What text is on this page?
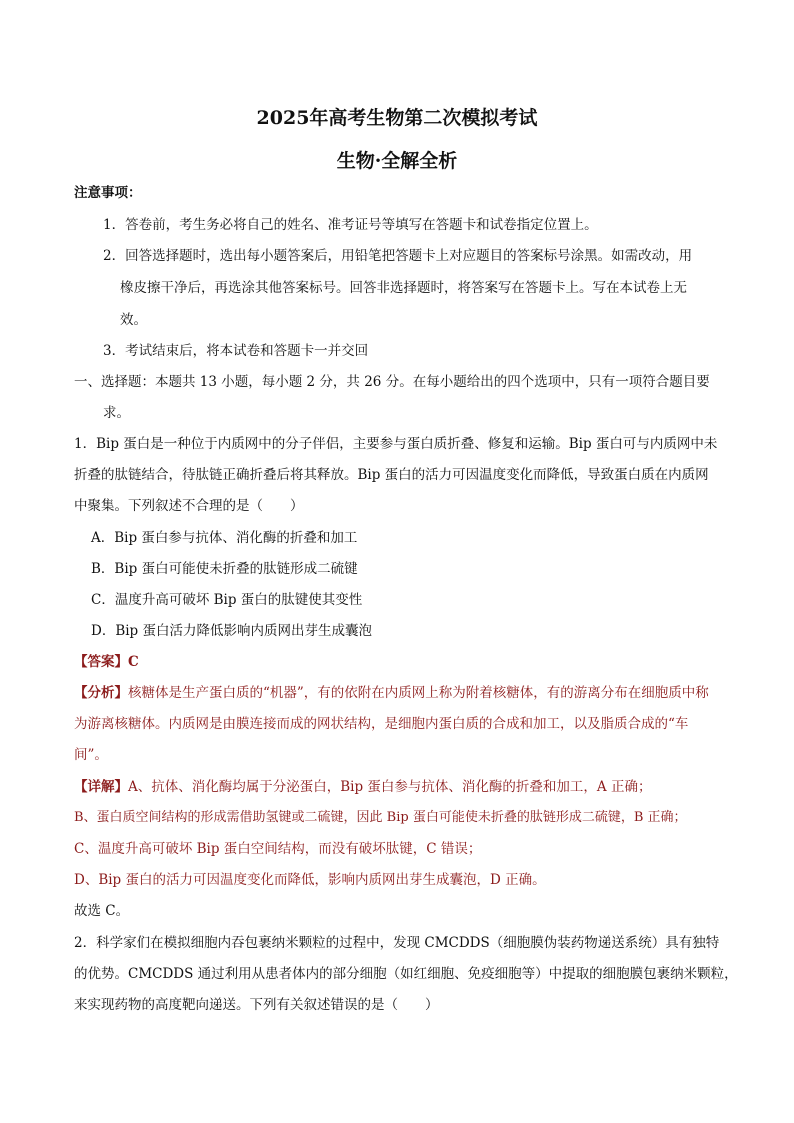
2025年高考生物第二次模拟考试
生物·全解全析
注意事项：
1．答卷前，考生务必将自己的姓名、准考证号等填写在答题卡和试卷指定位置上。
2．回答选择题时，选出每小题答案后，用铅笔把答题卡上对应题目的答案标号涂黑。如需改动，用
橡皮擦干净后，再选涂其他答案标号。回答非选择题时，将答案写在答题卡上。写在本试卷上无
效。
3．考试结束后，将本试卷和答题卡一并交回
一、选择题：本题共 13 小题，每小题 2 分，共 26 分。在每小题给出的四个选项中，只有一项符合题目要
求。
1．Bip 蛋白是一种位于内质网中的分子伴侣，主要参与蛋白质折叠、修复和运输。Bip 蛋白可与内质网中未
折叠的肽链结合，待肽链正确折叠后将其释放。Bip 蛋白的活力可因温度变化而降低，导致蛋白质在内质网
中聚集。下列叙述不合理的是（　　）
A．Bip 蛋白参与抗体、消化酶的折叠和加工
B．Bip 蛋白可能使未折叠的肽链形成二硫键
C．温度升高可破坏 Bip 蛋白的肽键使其变性
D．Bip 蛋白活力降低影响内质网出芽生成囊泡
【答案】C
【分析】核糖体是生产蛋白质的“机器”，有的依附在内质网上称为附着核糖体，有的游离分布在细胞质中称
为游离核糖体。内质网是由膜连接而成的网状结构，是细胞内蛋白质的合成和加工，以及脂质合成的“车
间”。
【详解】A、抗体、消化酶均属于分泌蛋白，Bip 蛋白参与抗体、消化酶的折叠和加工，A 正确；
B、蛋白质空间结构的形成需借助氢键或二硫键，因此 Bip 蛋白可能使未折叠的肽链形成二硫键，B 正确；
C、温度升高可破坏 Bip 蛋白空间结构，而没有破坏肽键，C 错误；
D、Bip 蛋白的活力可因温度变化而降低，影响内质网出芽生成囊泡，D 正确。
故选 C。
2．科学家们在模拟细胞内吞包裹纳米颗粒的过程中，发现 CMCDDS（细胞膜伪装药物递送系统）具有独特
的优势。CMCDDS 通过利用从患者体内的部分细胞（如红细胞、免疫细胞等）中提取的细胞膜包裹纳米颗粒，
来实现药物的高度靶向递送。下列有关叙述错误的是（　　）
